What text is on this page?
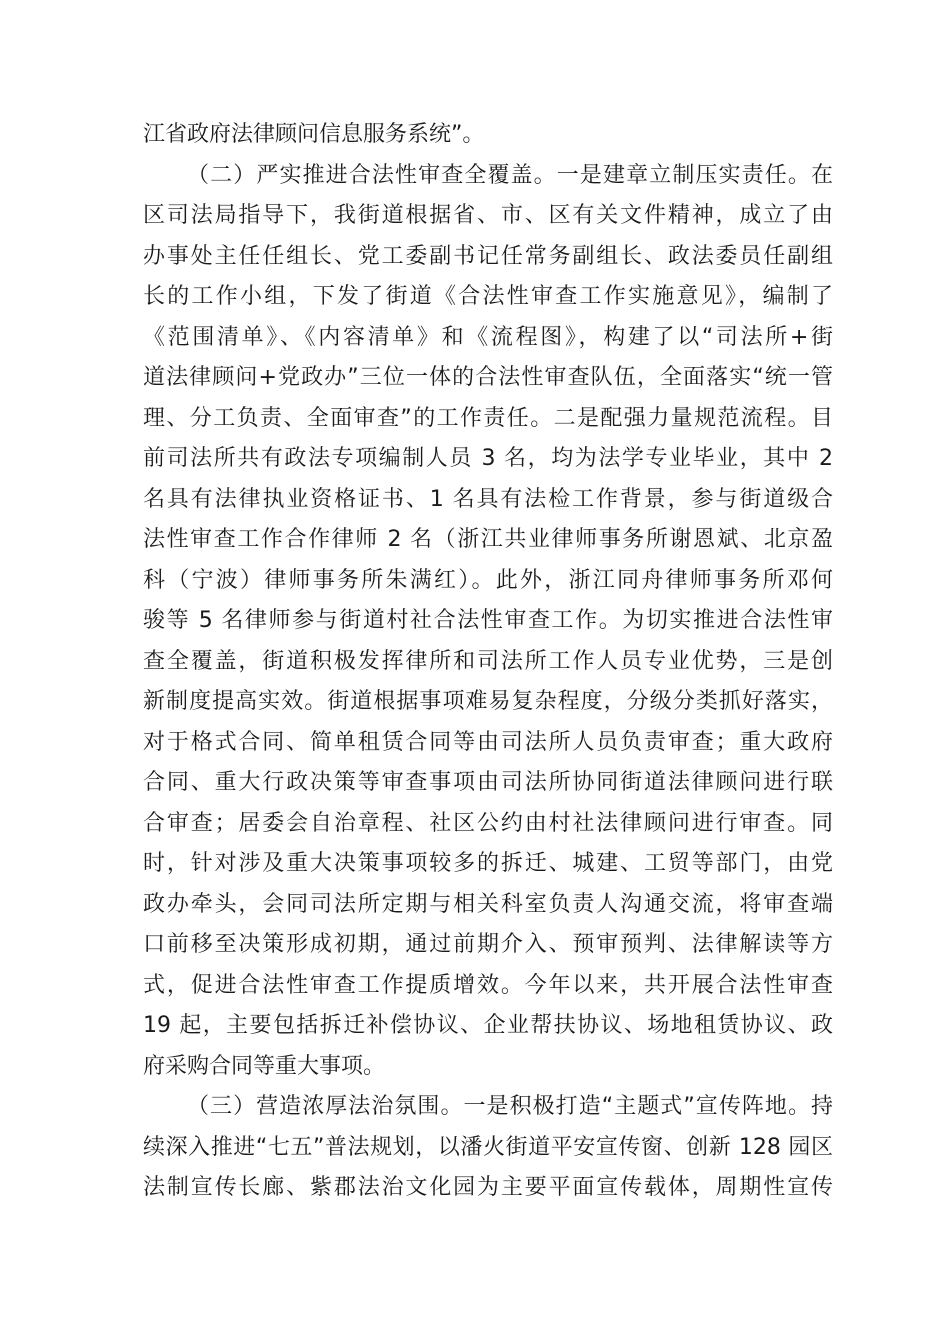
江省政府法律顾问信息服务系统”。
（二）严实推进合法性审查全覆盖。一是建章立制压实责任。在
区司法局指导下，我街道根据省、市、区有关文件精神，成立了由
办事处主任任组长、党工委副书记任常务副组长、政法委员任副组
长的工作小组，下发了街道《合法性审查工作实施意见》，编制了
《范围清单》、《内容清单》和《流程图》，构建了以“司法所+街
道法律顾问+党政办”三位一体的合法性审查队伍，全面落实“统一管
理、分工负责、全面审查”的工作责任。二是配强力量规范流程。目
前司法所共有政法专项编制人员 3 名，均为法学专业毕业，其中 2
名具有法律执业资格证书、1 名具有法检工作背景，参与街道级合
法性审查工作合作律师 2 名（浙江共业律师事务所谢恩斌、北京盈
科（宁波）律师事务所朱满红）。此外，浙江同舟律师事务所邓何
骏等 5 名律师参与街道村社合法性审查工作。为切实推进合法性审
查全覆盖，街道积极发挥律所和司法所工作人员专业优势，三是创
新制度提高实效。街道根据事项难易复杂程度，分级分类抓好落实，
对于格式合同、简单租赁合同等由司法所人员负责审查；重大政府
合同、重大行政决策等审查事项由司法所协同街道法律顾问进行联
合审查；居委会自治章程、社区公约由村社法律顾问进行审查。同
时，针对涉及重大决策事项较多的拆迁、城建、工贸等部门，由党
政办牵头，会同司法所定期与相关科室负责人沟通交流，将审查端
口前移至决策形成初期，通过前期介入、预审预判、法律解读等方
式，促进合法性审查工作提质增效。今年以来，共开展合法性审查
19 起，主要包括拆迁补偿协议、企业帮扶协议、场地租赁协议、政
府采购合同等重大事项。
（三）营造浓厚法治氛围。一是积极打造“主题式”宣传阵地。持
续深入推进“七五”普法规划，以潘火街道平安宣传窗、创新 128 园区
法制宣传长廊、紫郡法治文化园为主要平面宣传载体，周期性宣传
